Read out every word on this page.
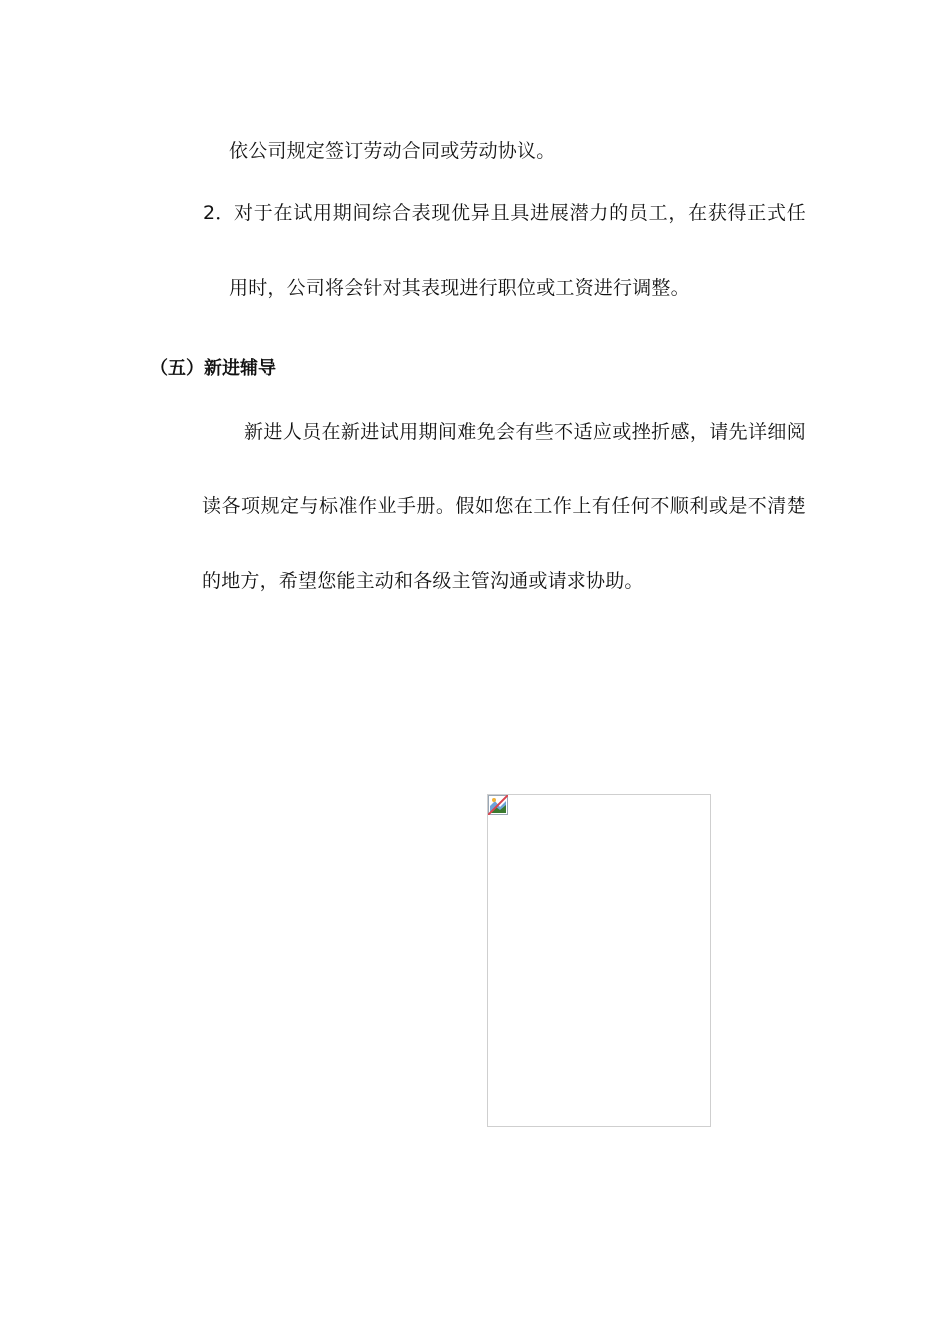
依公司规定签订劳动合同或劳动协议。
2． 对于在试用期间综合表现优异且具进展潜力的员工，在获得正式任
用时，公司将会针对其表现进行职位或工资进行调整。
（五）新进辅导
新进人员在新进试用期间难免会有些不适应或挫折感，请先详细阅
读各项规定与标准作业手册。假如您在工作上有任何不顺利或是不清楚
的地方，希望您能主动和各级主管沟通或请求协助。
